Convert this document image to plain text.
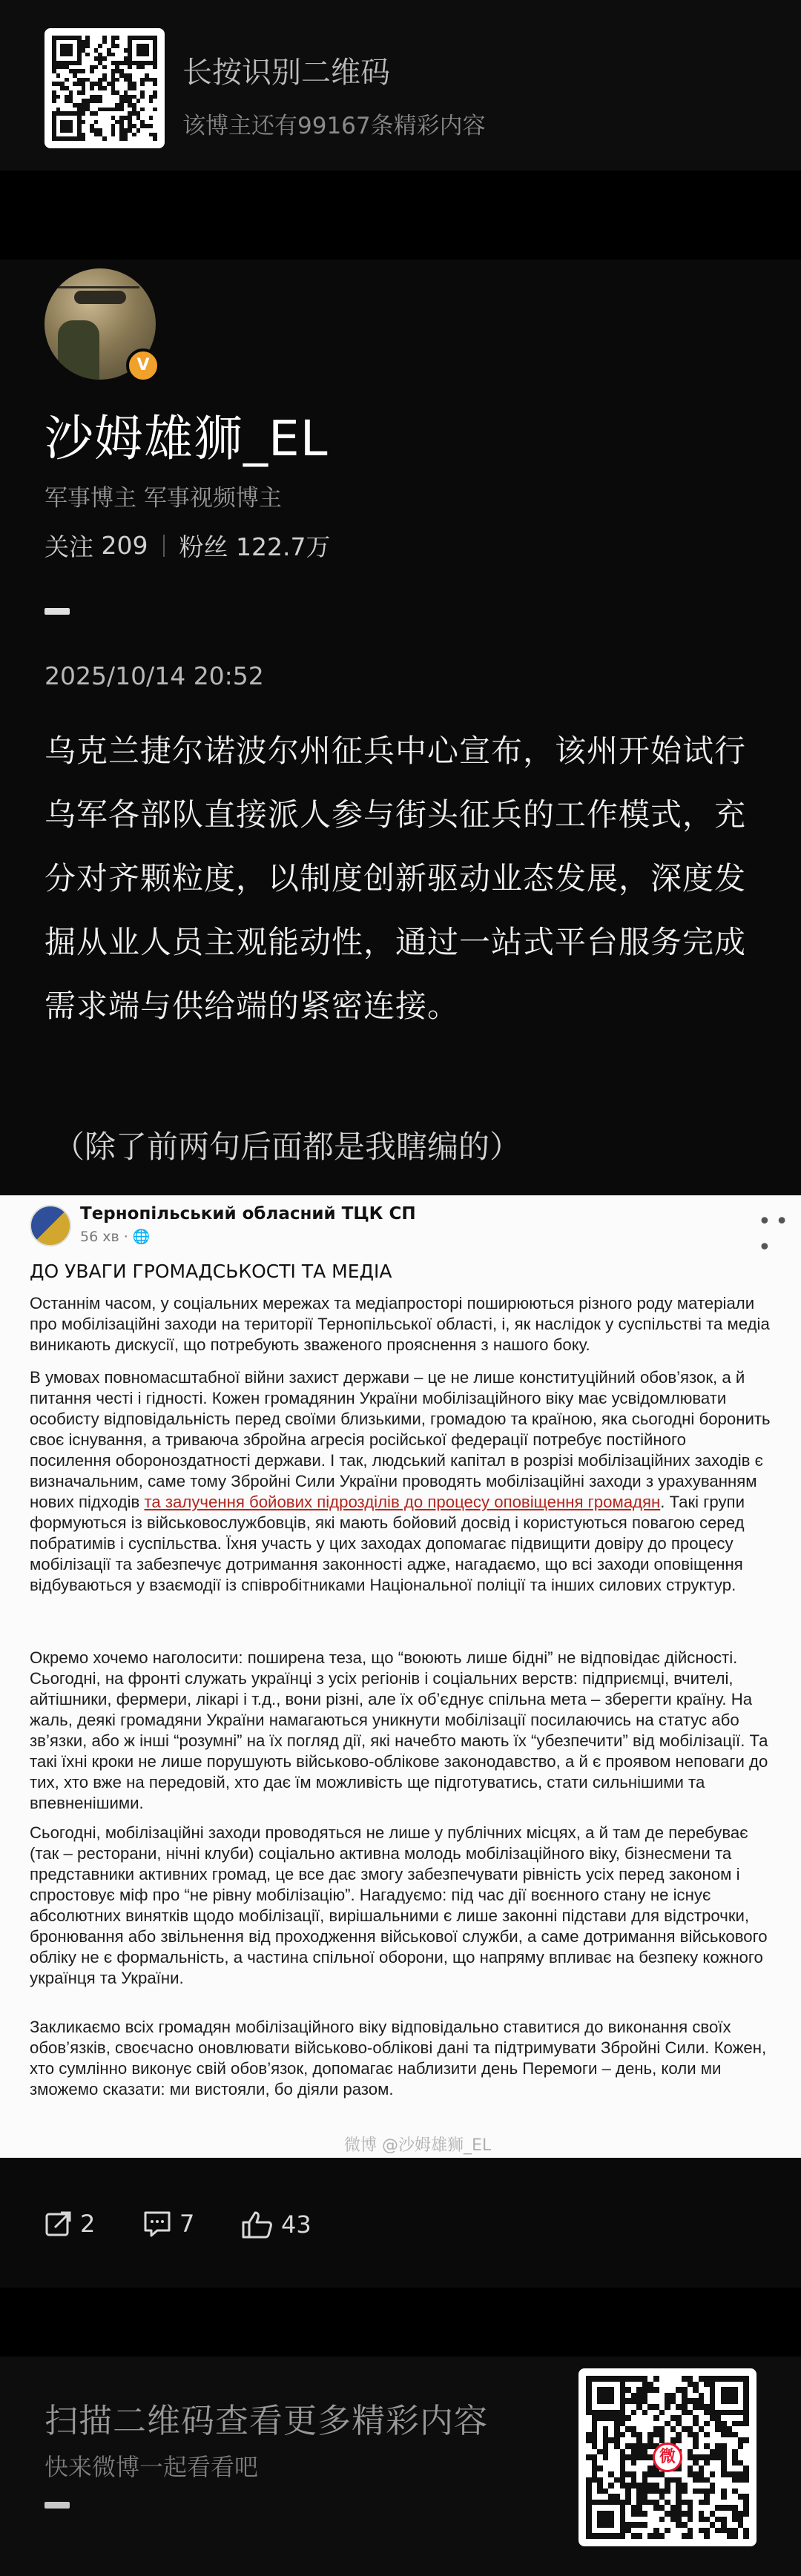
长按识别二维码
该博主还有99167条精彩内容
V
沙姆雄狮_EL
军事博主 军事视频博主
关注
209 粉丝
122.7万
2025/10/14 20:52
乌克兰捷尔诺波尔州征兵中心宣布，该州开始试行乌军各部队直接派人参与街头征兵的工作模式，充分对齐颗粒度，以制度创新驱动业态发展，深度发掘从业人员主观能动性，通过一站式平台服务完成需求端与供给端的紧密连接。
（除了前两句后面都是我瞎编的）
Тернопільський обласний ТЦК СП
56 хв · 🌐
• • •
ДО УВАГИ ГРОМАДСЬКОСТІ ТА МЕДІА
Останнім часом, у соціальних мережах та медіапросторі поширюються різного роду матеріали про мобілізаційні заходи на території Тернопільської області, і, як наслідок у суспільстві та медіа виникають дискусії, що потребують зваженого прояснення з нашого боку.
В умовах повномасштабної війни захист держави – це не лише конституційний обов’язок, а й питання честі і гідності. Кожен громадянин України мобілізаційного віку має усвідомлювати особисту відповідальність перед своїми близькими, громадою та країною, яка сьогодні боронить своє існування, а триваюча збройна агресія російської федерації потребує постійного посилення обороноздатності держави. І так, людський капітал в розрізі мобілізаційних заходів є визначальним, саме тому Збройні Сили України проводять мобілізаційні заходи з урахуванням нових підходів та залучення бойових підрозділів до процесу оповіщення громадян. Такі групи формуються із військовослужбовців, які мають бойовий досвід і користуються повагою серед побратимів і суспільства. Їхня участь у цих заходах допомагає підвищити довіру до процесу мобілізації та забезпечує дотримання законності адже, нагадаємо, що всі заходи оповіщення відбуваються у взаємодії із співробітниками Національної поліції та інших силових структур.
Окремо хочемо наголосити: поширена теза, що “воюють лише бідні” не відповідає дійсності. Сьогодні, на фронті служать українці з усіх регіонів і соціальних верств: підприємці, вчителі, айтішники, фермери, лікарі і т.д., вони різні, але їх об’єднує спільна мета – зберегти країну. На жаль, деякі громадяни України намагаються уникнути мобілізації посилаючись на статус або зв’язки, або ж інші “розумні” на їх погляд дії, які начебто мають їх “убезпечити” від мобілізації. Та такі їхні кроки не лише порушують військово-облікове законодавство, а й є проявом неповаги до тих, хто вже на передовій, хто дає їм можливість ще підготуватись, стати сильнішими та впевненішими.
Сьогодні, мобілізаційні заходи проводяться не лише у публічних місцях, а й там де перебуває (так – ресторани, нічні клуби) соціально активна молодь мобілізаційного віку, бізнесмени та представники активних громад, це все дає змогу забезпечувати рівність усіх перед законом і спростовує міф про “не рівну мобілізацію”. Нагадуємо: під час дії воєнного стану не існує абсолютних винятків щодо мобілізації, вирішальними є лише законні підстави для відстрочки, бронювання або звільнення від проходження військової служби, а саме дотримання військового обліку не є формальність, а частина спільної оборони, що напряму впливає на безпеку кожного українця та України.
Закликаємо всіх громадян мобілізаційного віку відповідально ставитися до виконання своїх обов’язків, своєчасно оновлювати військово-облікові дані та підтримувати Збройні Сили. Кожен, хто сумлінно виконує свій обов’язок, допомагає наблизити день Перемоги – день, коли ми зможемо сказати: ми вистояли, бо діяли разом.
微博 @沙姆雄狮_EL
2	7	43
扫描二维码查看更多精彩内容
快来微博一起看看吧	微
